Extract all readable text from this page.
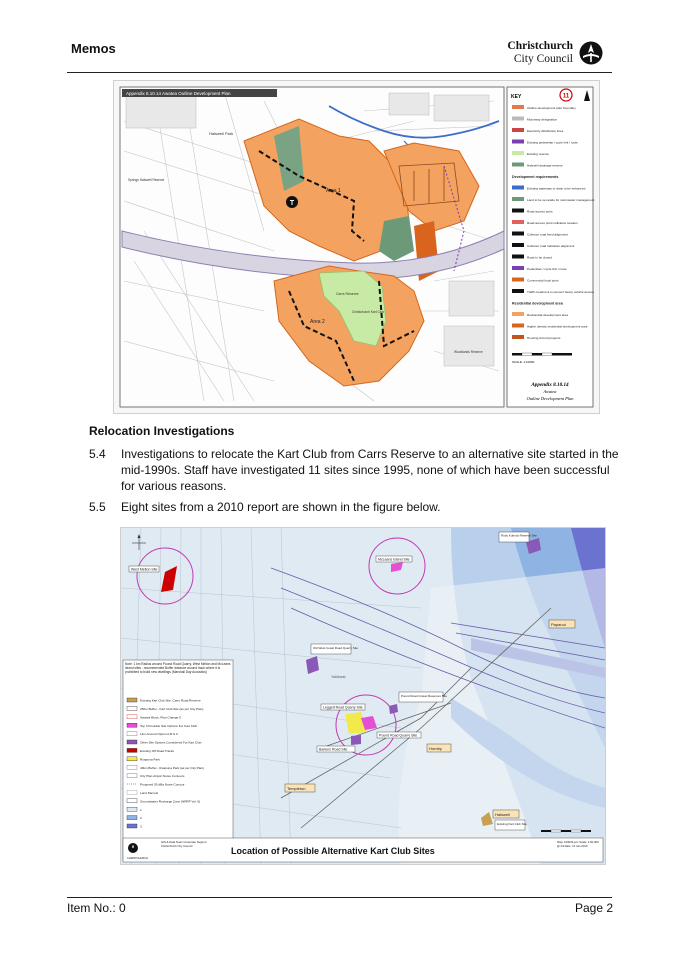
Memos	Christchurch
City Council
T
Halswell Park
Area 1
Area 2
Carrs Reserve
Christchurch Kart Club
Woodlands Reserve
Springs Halswell Reserve
Appendix 8.10.14 Awatea Outline Development Plan
KEY	11
Outline development plan boundary
Motorway designation
Electricity distribution lines
Existing pedestrian / cycle link / route
Existing reserve
Halswell drainage reserve
Development requirements
Existing waterway or drain to be enhanced
Land to be set aside for stormwater management
Road access point
Road access point indicative location
Collector road fixed alignment
Collector road indicative alignment
Road to be closed
Pedestrian / cycle link / route
Commercial focal point
Traffic treatment to prevent heavy vehicle access
Residential development area
Residential development area
Higher density residential development area
Housing Accord projects
SCALE: 1:10000
Appendix 8.10.14
Awatea
Outline Development Plan
Relocation Investigations
5.4 Investigations to relocate the Kart Club from Carrs Reserve to an alternative site started in the mid-1990s. Staff have investigated 11 sites since 1995, none of which have been successful for various reasons.
5.5 Eight sites from a 2010 report are shown in the figure below.
West Melton Site
McLeans Island Site
Ruby Kubrick Reserve Site
Old West Coast Road Quarry Site
Leggett Road Quarry Site
Pound Road Gravel Reserves Site
Pound Road Quarry Site
Barkers Road Site
Existing Kart Club Site
Templeton
Hornby
Halswell
Papanui
Yaldhurst
Note: 1 km Radius around Pound Road Quarry, West Melton and McLeans Island sites - recommended Buffer distance around track where it is prohibited to build new dwellings (Marshall Day Acoustics)
Existing Kart Club Site, Carrs Road Reserve
250m Buffer - Kart Club Site (as per City Plan)
Awatea Block, Plan Change 5
Top 3 Possible Site Options For Kart Club
1km Around Option A,B & C
Other Site Options Considered For Kart Club
Existing Off Road Tracks
Ruapuna Park
40km Buffer - Ruapuna Park (as per City Plan)
City Plan Airport Noise Contours
Proposed 55 dBa Noise Contour
Land Parcels
Groundwater Recharge Zone (NRRP Vol. 6)
1
2
3
CHRISTCHURCH
GIS & Data Team Corporate Support Christchurch City Council
Location of Possible Alternative Kart Club Sites
Map: 100029.pcx Scale: 1:60,000 @ A3 Date: 14 Jan 2010
Item No.: 0	Page 2
